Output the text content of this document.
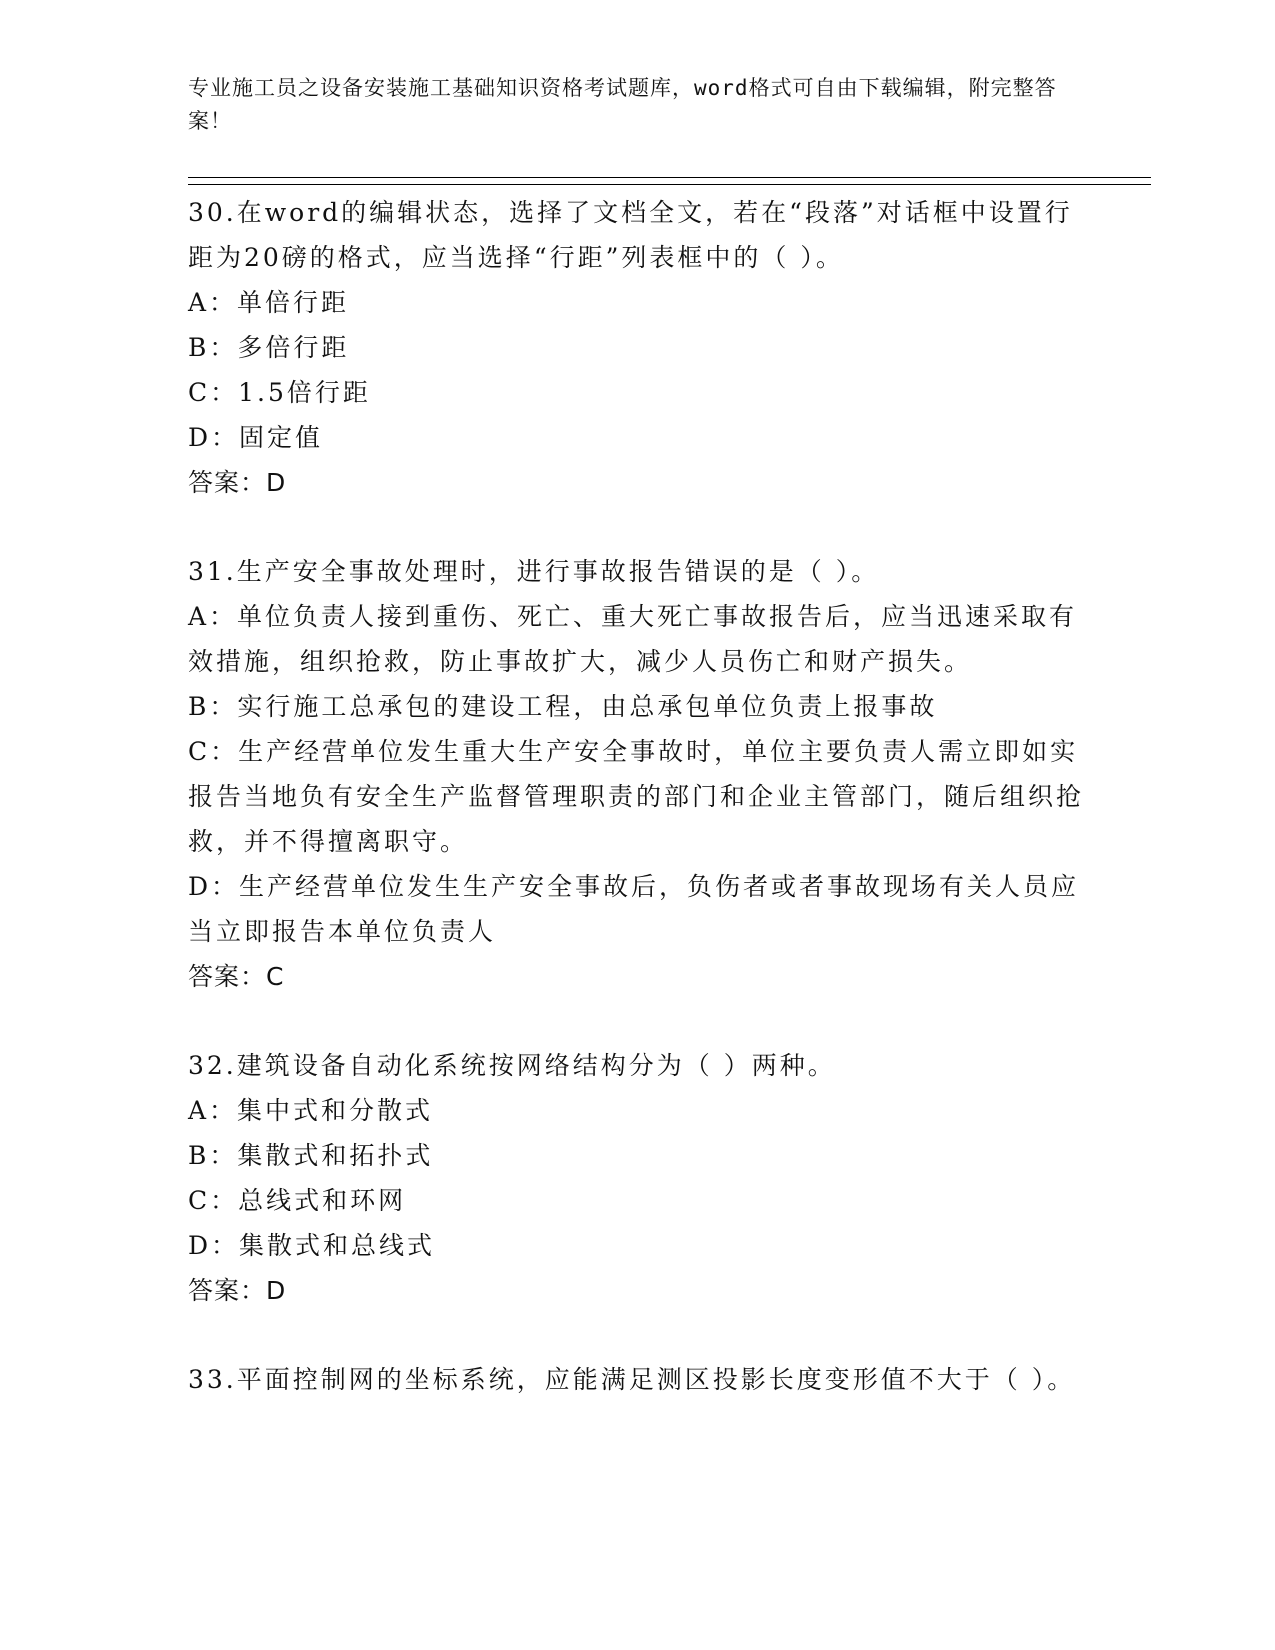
专业施工员之设备安装施工基础知识资格考试题库，word格式可自由下载编辑，附完整答案！

30.在word的编辑状态，选择了文档全文，若在“段落”对话框中设置行距为20磅的格式，应当选择“行距”列表框中的（ ）。

A：单倍行距

B：多倍行距

C：1.5倍行距

D：固定值

答案：D

31.生产安全事故处理时，进行事故报告错误的是（ ）。

A：单位负责人接到重伤、死亡、重大死亡事故报告后，应当迅速采取有效措施，组织抢救，防止事故扩大，减少人员伤亡和财产损失。

B：实行施工总承包的建设工程，由总承包单位负责上报事故

C：生产经营单位发生重大生产安全事故时，单位主要负责人需立即如实报告当地负有安全生产监督管理职责的部门和企业主管部门，随后组织抢救，并不得擅离职守。

D：生产经营单位发生生产安全事故后，负伤者或者事故现场有关人员应当立即报告本单位负责人

答案：C

32.建筑设备自动化系统按网络结构分为（ ）两种。

A：集中式和分散式

B：集散式和拓扑式

C：总线式和环网

D：集散式和总线式

答案：D

33.平面控制网的坐标系统，应能满足测区投影长度变形值不大于（ ）。
